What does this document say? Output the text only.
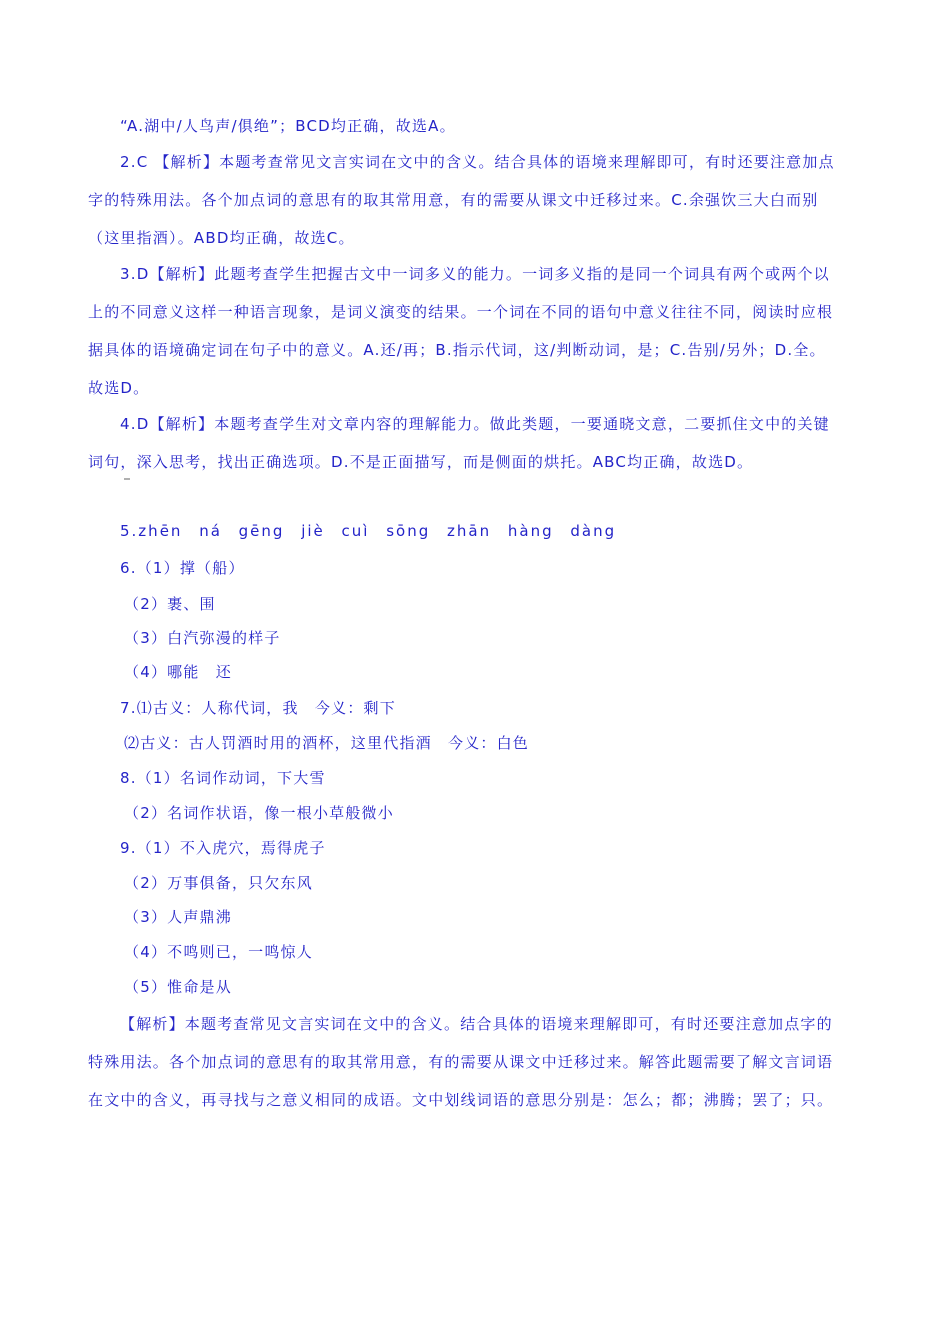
“A.湖中/人鸟声/俱绝”；BCD均正确，故选A。
2.C 【解析】本题考查常见文言实词在文中的含义。结合具体的语境来理解即可，有时还要注意加点
字的特殊用法。各个加点词的意思有的取其常用意，有的需要从课文中迁移过来。C.余强饮三大白而别
（这里指酒）。ABD均正确，故选C。
3.D【解析】此题考查学生把握古文中一词多义的能力。一词多义指的是同一个词具有两个或两个以
上的不同意义这样一种语言现象，是词义演变的结果。一个词在不同的语句中意义往往不同，阅读时应根
据具体的语境确定词在句子中的意义。A.还/再；B.指示代词，这/判断动词，是；C.告别/另外；D.全。
故选D。
4.D【解析】本题考查学生对文章内容的理解能力。做此类题，一要通晓文意，二要抓住文中的关键
词句，深入思考，找出正确选项。D.不是正面描写，而是侧面的烘托。ABC均正确，故选D。
5.zhēn ná gēng jiè cuì sōng zhān hàng dàng
6.（1）撑（船）
（2）裹、围
（3）白汽弥漫的样子
（4）哪能　还
7.⑴古义：人称代词，我　今义：剩下
⑵古义：古人罚酒时用的酒杯，这里代指酒　今义：白色
8.（1）名词作动词，下大雪
（2）名词作状语，像一根小草般微小
9.（1）不入虎穴，焉得虎子
（2）万事俱备，只欠东风
（3）人声鼎沸
（4）不鸣则已，一鸣惊人
（5）惟命是从
【解析】本题考查常见文言实词在文中的含义。结合具体的语境来理解即可，有时还要注意加点字的
特殊用法。各个加点词的意思有的取其常用意，有的需要从课文中迁移过来。解答此题需要了解文言词语
在文中的含义，再寻找与之意义相同的成语。文中划线词语的意思分别是：怎么；都；沸腾；罢了；只。
